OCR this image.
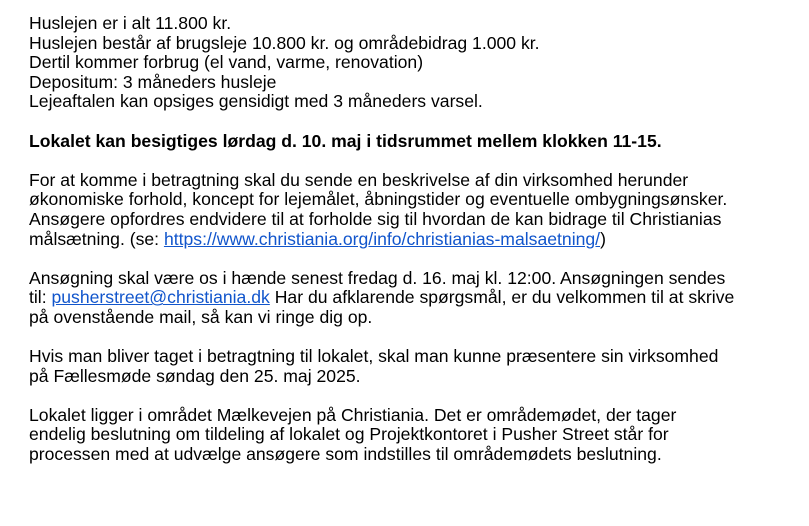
Huslejen er i alt 11.800 kr.
Huslejen består af brugsleje 10.800 kr. og områdebidrag 1.000 kr.
Dertil kommer forbrug (el vand, varme, renovation)
Depositum: 3 måneders husleje
Lejeaftalen kan opsiges gensidigt med 3 måneders varsel.

Lokalet kan besigtiges lørdag d. 10. maj i tidsrummet mellem klokken 11-15.

For at komme i betragtning skal du sende en beskrivelse af din virksomhed herunder
økonomiske forhold, koncept for lejemålet, åbningstider og eventuelle ombygningsønsker.
Ansøgere opfordres endvidere til at forholde sig til hvordan de kan bidrage til Christianias
målsætning. (se: https://www.christiania.org/info/christianias-malsaetning/)

Ansøgning skal være os i hænde senest fredag d. 16. maj kl. 12:00. Ansøgningen sendes
til: pusherstreet@christiania.dk Har du afklarende spørgsmål, er du velkommen til at skrive
på ovenstående mail, så kan vi ringe dig op.

Hvis man bliver taget i betragtning til lokalet, skal man kunne præsentere sin virksomhed
på Fællesmøde søndag den 25. maj 2025.

Lokalet ligger i området Mælkevejen på Christiania. Det er områdemødet, der tager
endelig beslutning om tildeling af lokalet og Projektkontoret i Pusher Street står for
processen med at udvælge ansøgere som indstilles til områdemødets beslutning.
